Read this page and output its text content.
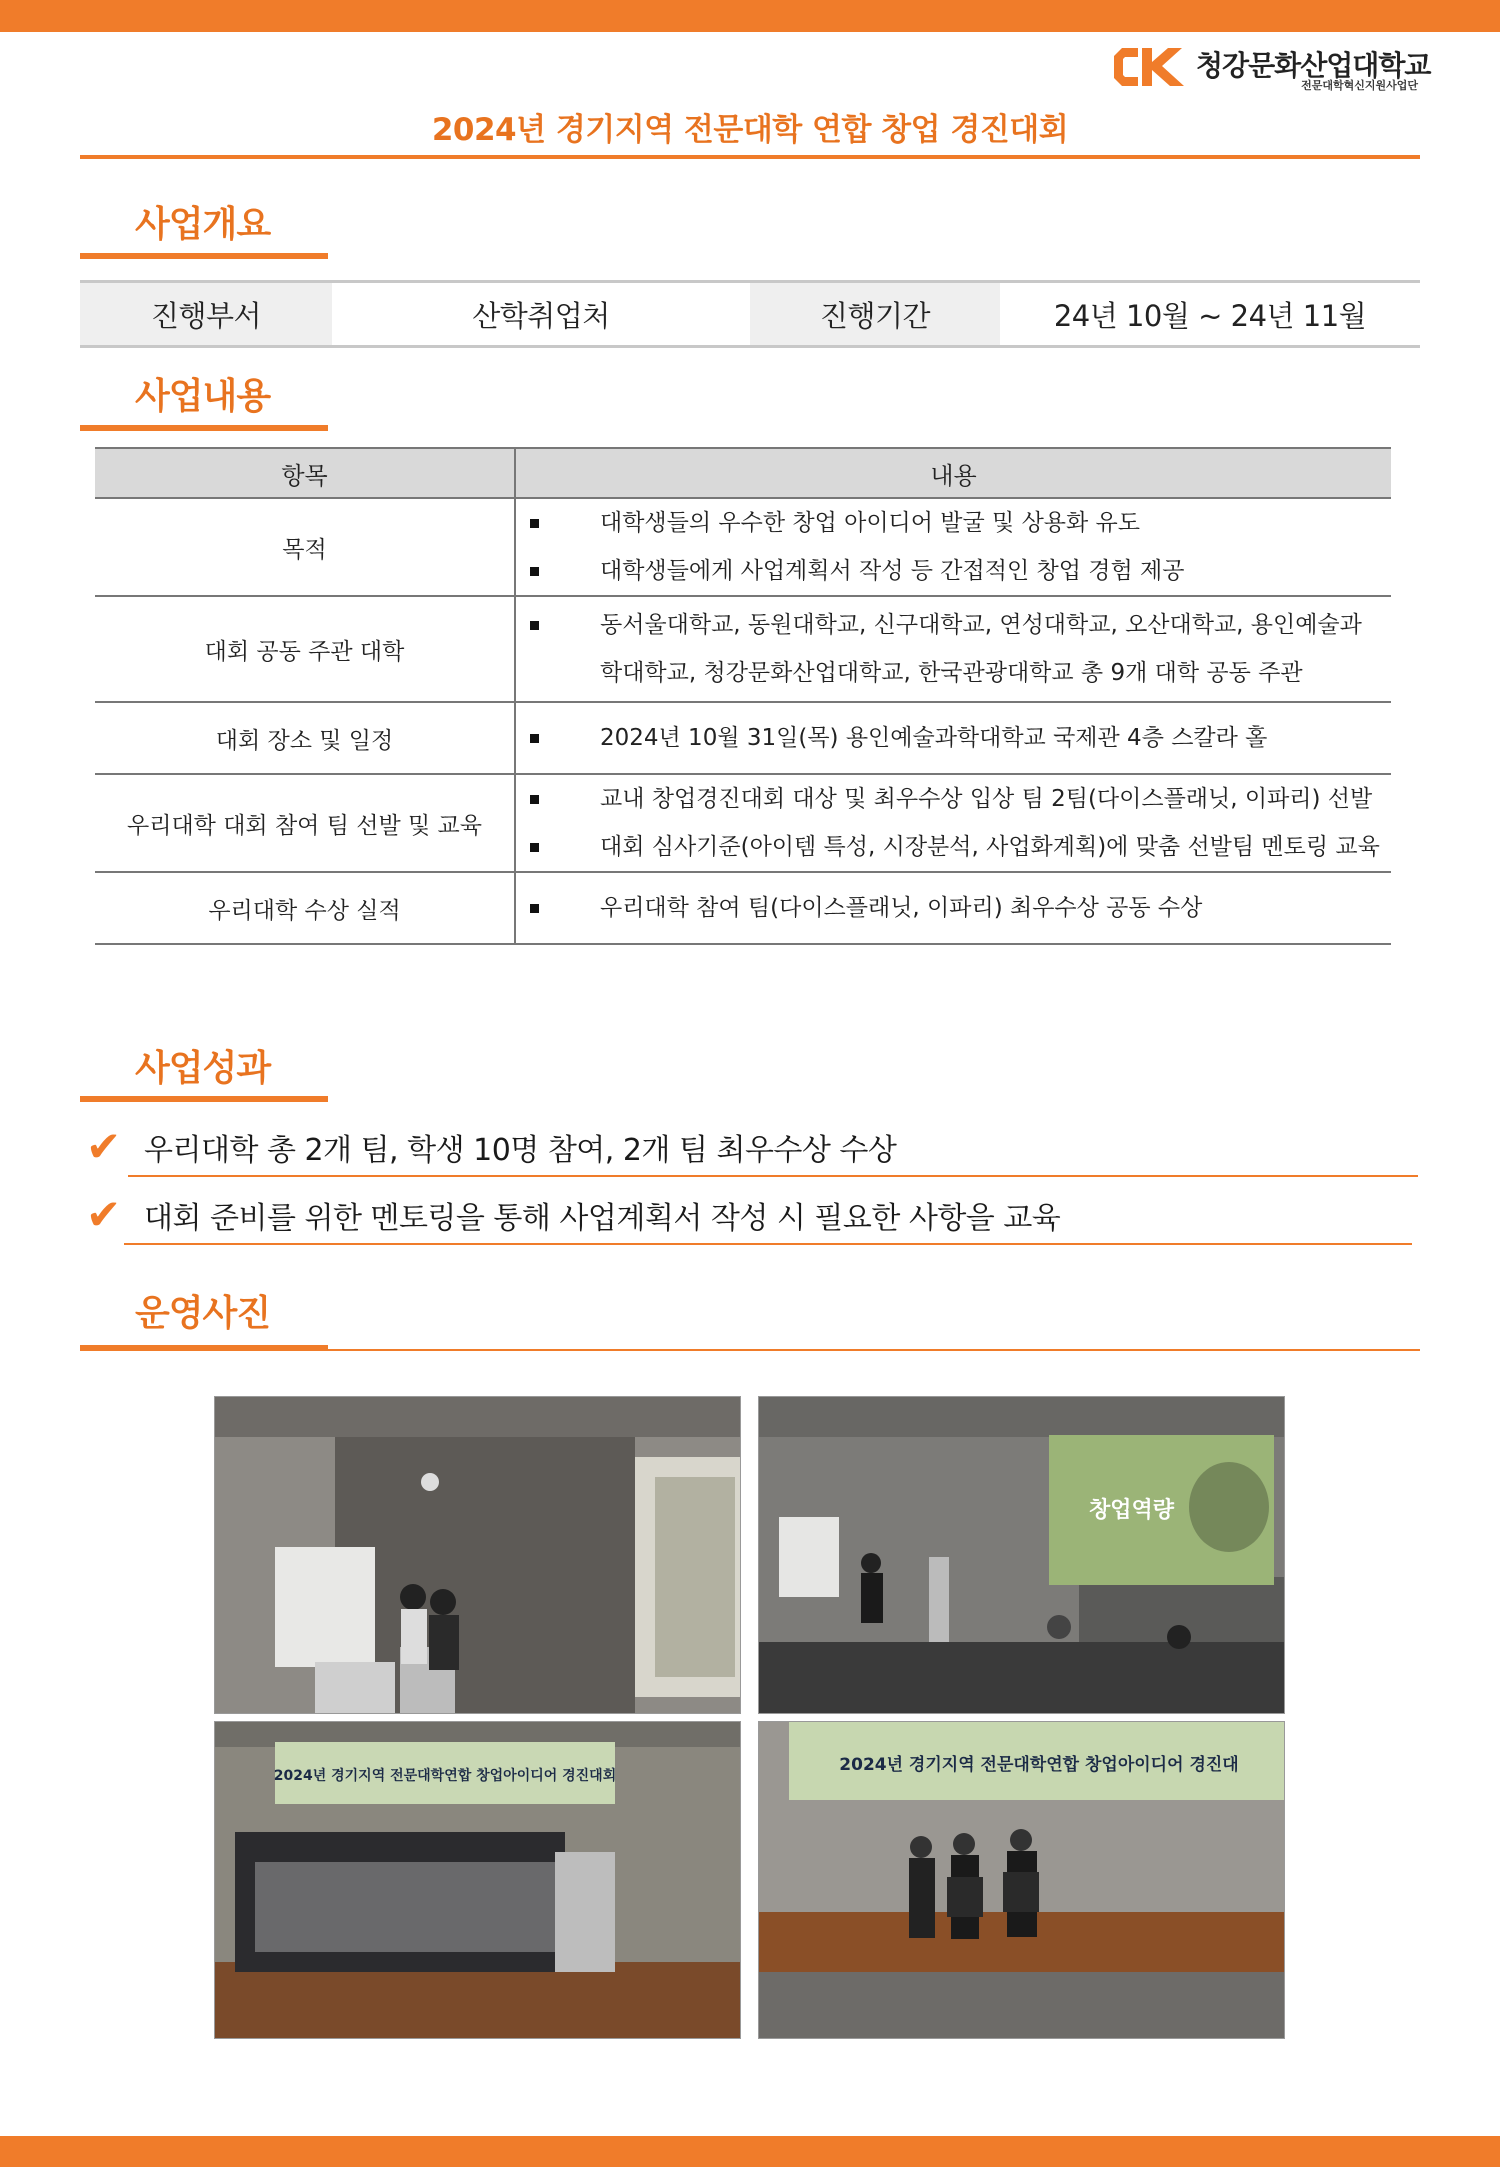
청강문화산업대학교
전문대학혁신지원사업단
2024년 경기지역 전문대학 연합 창업 경진대회
사업개요
진행부서	산학취업처	진행기간	24년 10월 ~ 24년 11월
사업내용
항목	내용
목적	대학생들의 우수한 창업 아이디어 발굴 및 상용화 유도
대학생들에게 사업계획서 작성 등 간접적인 창업 경험 제공

대회 공동 주관 대학	동서울대학교, 동원대학교, 신구대학교, 연성대학교, 오산대학교, 용인예술과학대학교, 청강문화산업대학교, 한국관광대학교 총 9개 대학 공동 주관

대회 장소 및 일정	2024년 10월 31일(목) 용인예술과학대학교 국제관 4층 스칼라 홀

우리대학 대회 참여 팀 선발 및 교육	교내 창업경진대회 대상 및 최우수상 입상 팀 2팀(다이스플래닛, 이파리) 선발
대회 심사기준(아이템 특성, 시장분석, 사업화계획)에 맞춤 선발팀 멘토링 교육

우리대학 수상 실적	우리대학 참여 팀(다이스플래닛, 이파리) 최우수상 공동 수상
사업성과
✔ 우리대학 총 2개 팀, 학생 10명 참여, 2개 팀 최우수상 수상
✔ 대회 준비를 위한 멘토링을 통해 사업계획서 작성 시 필요한 사항을 교육
운영사진
창업역량
2024년 경기지역 전문대학연합 창업아이디어 경진대회
2024년 경기지역 전문대학연합 창업아이디어 경진대
